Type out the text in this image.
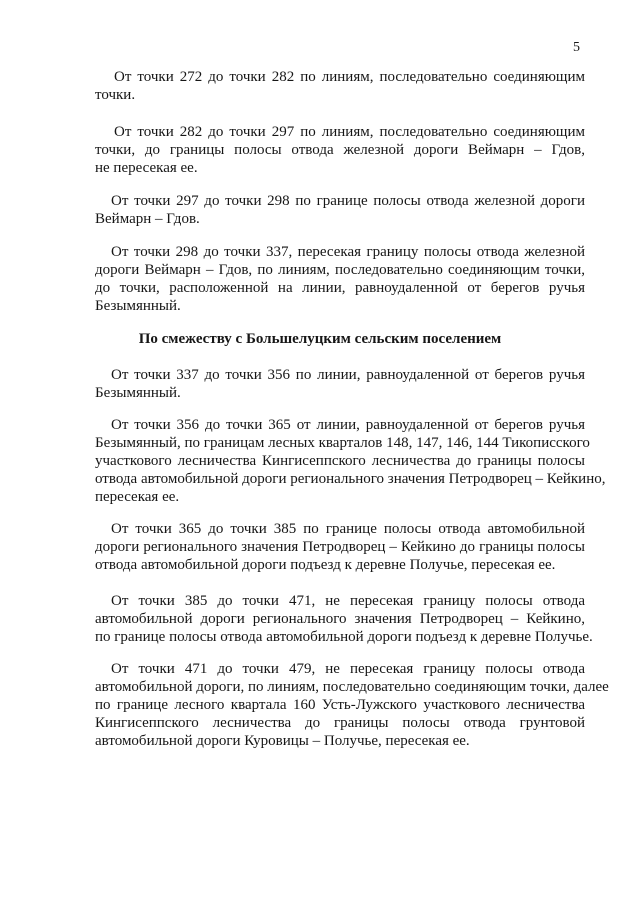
5
От точки 272 до точки 282 по линиям, последовательно соединяющим
точки.
От точки 282 до точки 297 по линиям, последовательно соединяющим
точки, до границы полосы отвода железной дороги Веймарн – Гдов,
не пересекая ее.
От точки 297 до точки 298 по границе полосы отвода железной дороги
Веймарн – Гдов.
От точки 298 до точки 337, пересекая границу полосы отвода железной
дороги Веймарн – Гдов, по линиям, последовательно соединяющим точки,
до точки, расположенной на линии, равноудаленной от берегов ручья
Безымянный.
По смежеству с Большелуцким сельским поселением
От точки 337 до точки 356 по линии, равноудаленной от берегов ручья
Безымянный.
От точки 356 до точки 365 от линии, равноудаленной от берегов ручья
Безымянный, по границам лесных кварталов 148, 147, 146, 144 Тикописского
участкового лесничества Кингисеппского лесничества до границы полосы
отвода автомобильной дороги регионального значения Петродворец – Кейкино,
пересекая ее.
От точки 365 до точки 385 по границе полосы отвода автомобильной
дороги регионального значения Петродворец – Кейкино до границы полосы
отвода автомобильной дороги подъезд к деревне Получье, пересекая ее.
От точки 385 до точки 471, не пересекая границу полосы отвода
автомобильной дороги регионального значения Петродворец – Кейкино,
по границе полосы отвода автомобильной дороги подъезд к деревне Получье.
От точки 471 до точки 479, не пересекая границу полосы отвода
автомобильной дороги, по линиям, последовательно соединяющим точки, далее
по границе лесного квартала 160 Усть-Лужского участкового лесничества
Кингисеппского лесничества до границы полосы отвода грунтовой
автомобильной дороги Куровицы – Получье, пересекая ее.
